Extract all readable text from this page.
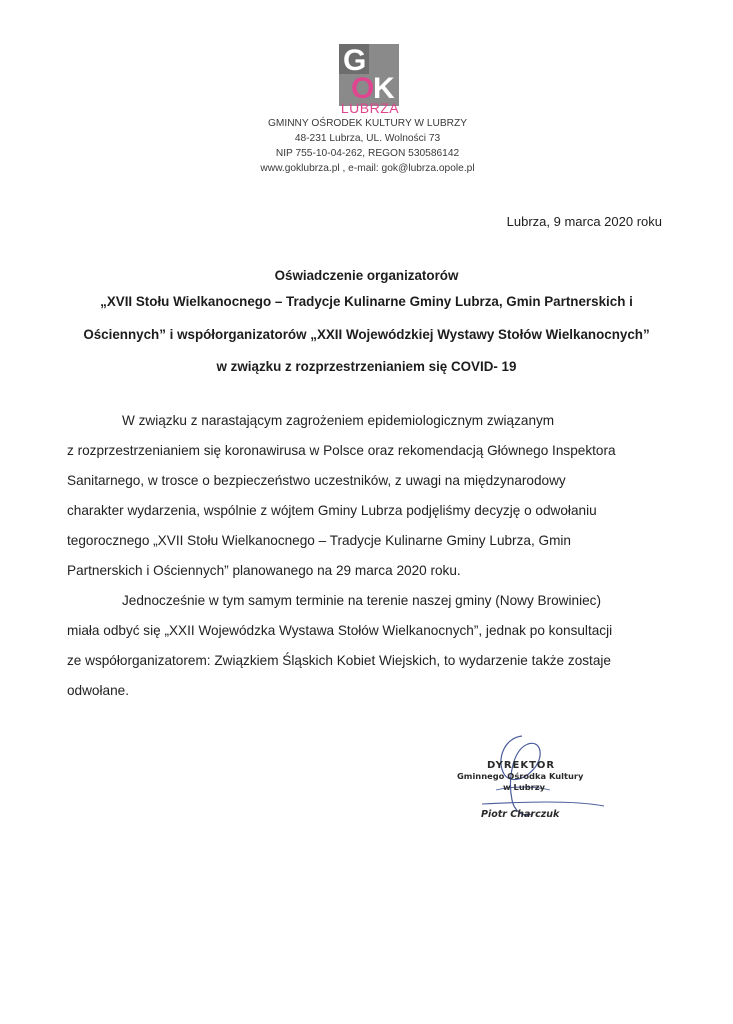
G
O
K
LUBRZA
GMINNY OŚRODEK KULTURY W LUBRZY
48-231 Lubrza, UL. Wolności 73
NIP 755-10-04-262, REGON 530586142
www.goklubrza.pl , e-mail: gok@lubrza.opole.pl
Lubrza, 9 marca 2020 roku
Oświadczenie organizatorów
„XVII Stołu Wielkanocnego – Tradycje Kulinarne Gminy Lubrza, Gmin Partnerskich i
Ościennych” i współorganizatorów „XXII Wojewódzkiej Wystawy Stołów Wielkanocnych”
w związku z rozprzestrzenianiem się COVID- 19
W związku z narastającym zagrożeniem epidemiologicznym związanym
z rozprzestrzenianiem się koronawirusa w Polsce oraz rekomendacją Głównego Inspektora
Sanitarnego, w trosce o bezpieczeństwo uczestników, z uwagi na międzynarodowy
charakter wydarzenia, wspólnie z wójtem Gminy Lubrza podjęliśmy decyzję o odwołaniu
tegorocznego „XVII Stołu Wielkanocnego – Tradycje Kulinarne Gminy Lubrza, Gmin
Partnerskich i Ościennych” planowanego na 29 marca 2020 roku.
Jednocześnie w tym samym terminie na terenie naszej gminy (Nowy Browiniec)
miała odbyć się „XXII Wojewódzka Wystawa Stołów Wielkanocnych”, jednak po konsultacji
ze współorganizatorem: Związkiem Śląskich Kobiet Wiejskich, to wydarzenie także zostaje
odwołane.
DYREKTOR
Gminnego Ośrodka Kultury
w Lubrzy
Piotr Charczuk
